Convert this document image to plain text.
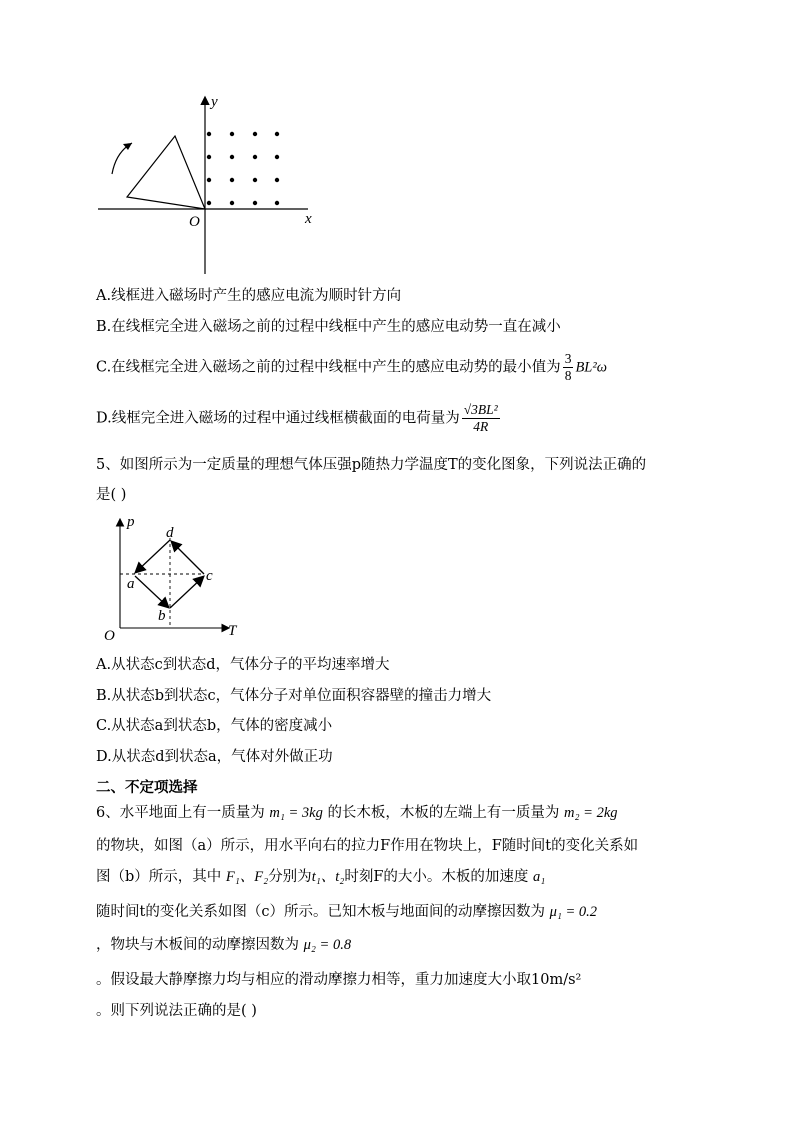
y
x
O
A.线框进入磁场时产生的感应电流为顺时针方向
B.在线框完全进入磁场之前的过程中线框中产生的感应电动势一直在减小
C.在线框完全进入磁场之前的过程中线框中产生的感应电动势的最小值为 $\frac{3}{8} BL^2\omega$
D.线框完全进入磁场的过程中通过线框横截面的电荷量为 $\frac{\text{√3BL²}}{4R}$
5、如图所示为一定质量的理想气体压强p随热力学温度T的变化图象，下列说法正确的
是( )
p
T
O
a
b
c
d
A.从状态c到状态d，气体分子的平均速率增大
B.从状态b到状态c，气体分子对单位面积容器壁的撞击力增大
C.从状态a到状态b，气体的密度减小
D.从状态d到状态a，气体对外做正功
二、不定项选择
6、水平地面上有一质量为 m₁ = 3kg 的长木板，木板的左端上有一质量为 m₂ = 2kg
的物块，如图（a）所示，用水平向右的拉力F作用在物块上，F随时间t的变化关系如
图（b）所示，其中 F₁、F₂分别为t₁、t₂时刻F的大小。木板的加速度 a₁
随时间t的变化关系如图（c）所示。已知木板与地面间的动摩擦因数为 μ₁ = 0.2
，物块与木板间的动摩擦因数为 μ₂ = 0.8
。假设最大静摩擦力均与相应的滑动摩擦力相等，重力加速度大小取10m/s²
。则下列说法正确的是( )
